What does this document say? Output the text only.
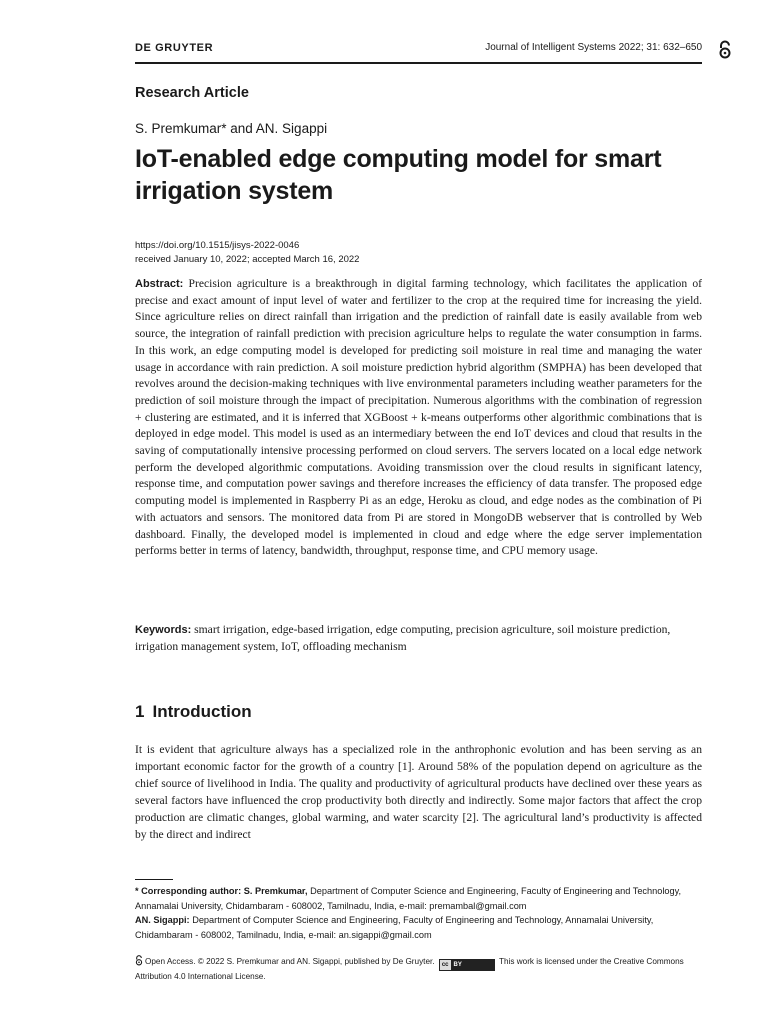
DE GRUYTER	Journal of Intelligent Systems 2022; 31: 632–650
Research Article
S. Premkumar* and AN. Sigappi
IoT-enabled edge computing model for smart irrigation system
https://doi.org/10.1515/jisys-2022-0046
received January 10, 2022; accepted March 16, 2022

Abstract: Precision agriculture is a breakthrough in digital farming technology, which facilitates the application of precise and exact amount of input level of water and fertilizer to the crop at the required time for increasing the yield. Since agriculture relies on direct rainfall than irrigation and the prediction of rainfall date is easily available from web source, the integration of rainfall prediction with precision agriculture helps to regulate the water consumption in farms. In this work, an edge computing model is developed for predicting soil moisture in real time and managing the water usage in accordance with rain prediction. A soil moisture prediction hybrid algorithm (SMPHA) has been developed that revolves around the decision-making techniques with live environmental parameters including weather parameters for the prediction of soil moisture through the impact of precipitation. Numerous algorithms with the combination of regression + clustering are estimated, and it is inferred that XGBoost + k-means outperforms other algorithmic combinations that is deployed in edge model. This model is used as an intermediary between the end IoT devices and cloud that results in the saving of computationally intensive processing performed on cloud servers. The servers located on a local edge network perform the developed algorithmic computations. Avoiding transmission over the cloud results in significant latency, response time, and computation power savings and therefore increases the efficiency of data transfer. The proposed edge computing model is implemented in Raspberry Pi as an edge, Heroku as cloud, and edge nodes as the combination of Pi with actuators and sensors. The monitored data from Pi are stored in MongoDB webserver that is controlled by Web dashboard. Finally, the developed model is implemented in cloud and edge where the edge server implementation performs better in terms of latency, bandwidth, throughput, response time, and CPU memory usage.

Keywords: smart irrigation, edge-based irrigation, edge computing, precision agriculture, soil moisture prediction, irrigation management system, IoT, offloading mechanism

1 Introduction

It is evident that agriculture always has a specialized role in the anthrophonic evolution and has been serving as an important economic factor for the growth of a country [1]. Around 58% of the population depend on agriculture as the chief source of livelihood in India. The quality and productivity of agricultural products have declined over these years as several factors have influenced the crop productivity both directly and indirectly. Some major factors that affect the crop production are climatic changes, global warming, and water scarcity [2]. The agricultural land’s productivity is affected by the direct and indirect

* Corresponding author: S. Premkumar, Department of Computer Science and Engineering, Faculty of Engineering and Technology, Annamalai University, Chidambaram - 608002, Tamilnadu, India, e-mail: premambal@gmail.com

AN. Sigappi: Department of Computer Science and Engineering, Faculty of Engineering and Technology, Annamalai University, Chidambaram - 608002, Tamilnadu, India, e-mail: an.sigappi@gmail.com

Open Access. © 2022 S. Premkumar and AN. Sigappi, published by De Gruyter.	cc BY	This work is licensed under the Creative Commons Attribution 4.0 International License.
